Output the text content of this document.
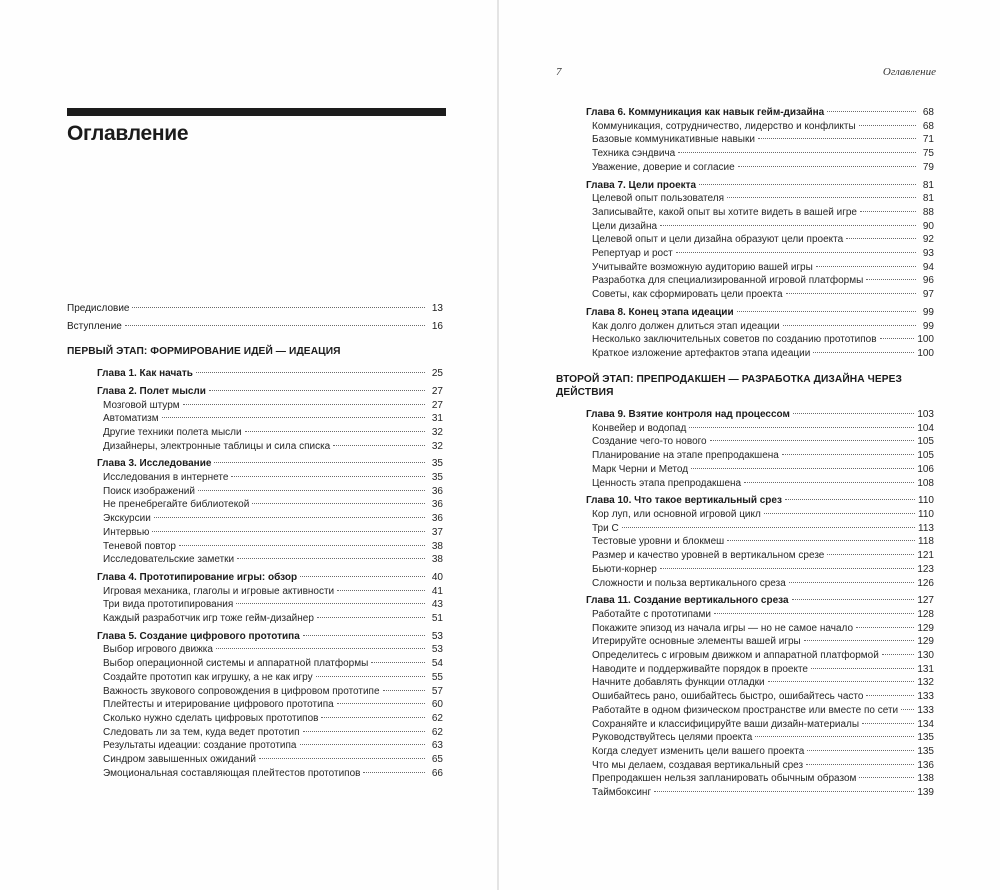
Оглавление
7	Оглавление
Предисловие	13
Вступление	16
ПЕРВЫЙ ЭТАП: ФОРМИРОВАНИЕ ИДЕЙ — ИДЕАЦИЯ
Глава 1. Как начать	25
Глава 2. Полет мысли	27
Мозговой штурм	27
Автоматизм	31
Другие техники полета мысли	32
Дизайнеры, электронные таблицы и сила списка	32
Глава 3. Исследование	35
Исследования в интернете	35
Поиск изображений	36
Не пренебрегайте библиотекой	36
Экскурсии	36
Интервью	37
Теневой повтор	38
Исследовательские заметки	38
Глава 4. Прототипирование игры: обзор	40
Игровая механика, глаголы и игровые активности	41
Три вида прототипирования	43
Каждый разработчик игр тоже гейм-дизайнер	51
Глава 5. Создание цифрового прототипа	53
Выбор игрового движка	53
Выбор операционной системы и аппаратной платформы	54
Создайте прототип как игрушку, а не как игру	55
Важность звукового сопровождения в цифровом прототипе	57
Плейтесты и итерирование цифрового прототипа	60
Сколько нужно сделать цифровых прототипов	62
Следовать ли за тем, куда ведет прототип	62
Результаты идеации: создание прототипа	63
Синдром завышенных ожиданий	65
Эмоциональная составляющая плейтестов прототипов	66
Глава 6. Коммуникация как навык гейм-дизайна	68
Коммуникация, сотрудничество, лидерство и конфликты	68
Базовые коммуникативные навыки	71
Техника сэндвича	75
Уважение, доверие и согласие	79
Глава 7. Цели проекта	81
Целевой опыт пользователя	81
Записывайте, какой опыт вы хотите видеть в вашей игре	88
Цели дизайна	90
Целевой опыт и цели дизайна образуют цели проекта	92
Репертуар и рост	93
Учитывайте возможную аудиторию вашей игры	94
Разработка для специализированной игровой платформы	96
Советы, как сформировать цели проекта	97
Глава 8. Конец этапа идеации	99
Как долго должен длиться этап идеации	99
Несколько заключительных советов по созданию прототипов	100
Краткое изложение артефактов этапа идеации	100
ВТОРОЙ ЭТАП: ПРЕПРОДАКШЕН — РАЗРАБОТКА ДИЗАЙНА ЧЕРЕЗ ДЕЙСТВИЯ
Глава 9. Взятие контроля над процессом	103
Конвейер и водопад	104
Создание чего-то нового	105
Планирование на этапе препродакшена	105
Марк Черни и Метод	106
Ценность этапа препродакшена	108
Глава 10. Что такое вертикальный срез	110
Кор луп, или основной игровой цикл	110
Три С	113
Тестовые уровни и блокмеш	118
Размер и качество уровней в вертикальном срезе	121
Бьюти-корнер	123
Сложности и польза вертикального среза	126
Глава 11. Создание вертикального среза	127
Работайте с прототипами	128
Покажите эпизод из начала игры — но не самое начало	129
Итерируйте основные элементы вашей игры	129
Определитесь с игровым движком и аппаратной платформой	130
Наводите и поддерживайте порядок в проекте	131
Начните добавлять функции отладки	132
Ошибайтесь рано, ошибайтесь быстро, ошибайтесь часто	133
Работайте в одном физическом пространстве или вместе по сети 133
Сохраняйте и классифицируйте ваши дизайн-материалы	134
Руководствуйтесь целями проекта	135
Когда следует изменить цели вашего проекта	135
Что мы делаем, создавая вертикальный срез	136
Препродакшен нельзя запланировать обычным образом	138
Таймбоксинг	139
